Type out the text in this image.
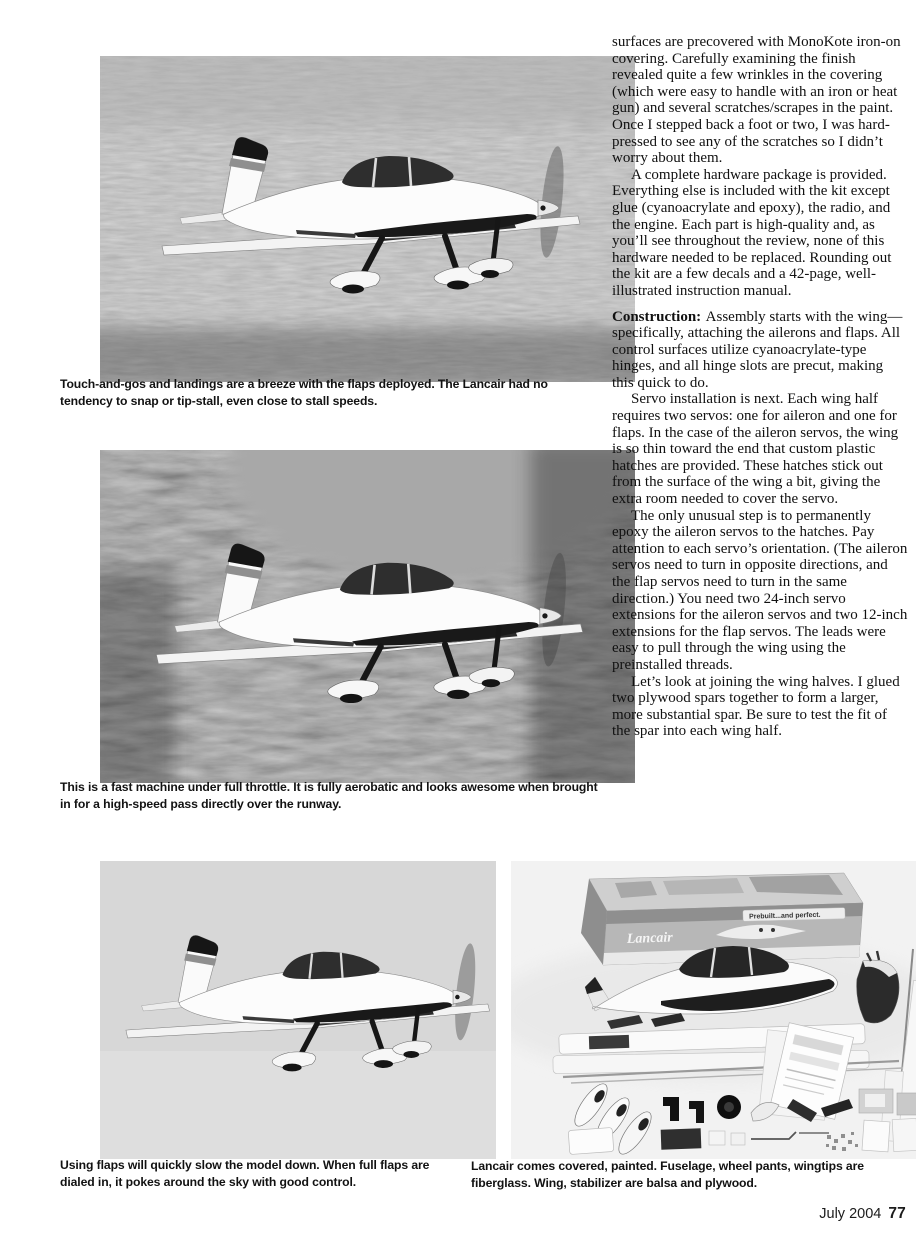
Touch-and-gos and landings are a breeze with the flaps deployed. The Lancair had no tendency to snap or tip-stall, even close to stall speeds.

This is a fast machine under full throttle. It is fully aerobatic and looks awesome when brought in for a high-speed pass directly over the runway.

Using flaps will quickly slow the model down. When full flaps are dialed in, it pokes around the sky with good control.

Prebuilt...and perfect.
Lancair

Lancair comes covered, painted. Fuselage, wheel pants, wingtips are fiberglass. Wing, stabilizer are balsa and plywood.

surfaces are precovered with MonoKote iron-on covering. Carefully examining the finish revealed quite a few wrinkles in the covering (which were easy to handle with an iron or heat gun) and several scratches/scrapes in the paint. Once I stepped back a foot or two, I was hard-pressed to see any of the scratches so I didn’t worry about them.

A complete hardware package is provided. Everything else is included with the kit except glue (cyanoacrylate and epoxy), the radio, and the engine. Each part is high-quality and, as you’ll see throughout the review, none of this hardware needed to be replaced. Rounding out the kit are a few decals and a 42-page, well-illustrated instruction manual.

Construction: Assembly starts with the wing—specifically, attaching the ailerons and flaps. All control surfaces utilize cyanoacrylate-type hinges, and all hinge slots are precut, making this quick to do.

Servo installation is next. Each wing half requires two servos: one for aileron and one for flaps. In the case of the aileron servos, the wing is so thin toward the end that custom plastic hatches are provided. These hatches stick out from the surface of the wing a bit, giving the extra room needed to cover the servo.

The only unusual step is to permanently epoxy the aileron servos to the hatches. Pay attention to each servo’s orientation. (The aileron servos need to turn in opposite directions, and the flap servos need to turn in the same direction.) You need two 24-inch servo extensions for the aileron servos and two 12-inch extensions for the flap servos. The leads were easy to pull through the wing using the preinstalled threads.

Let’s look at joining the wing halves. I glued two plywood spars together to form a larger, more substantial spar. Be sure to test the fit of the spar into each wing half.

July 2004 77
